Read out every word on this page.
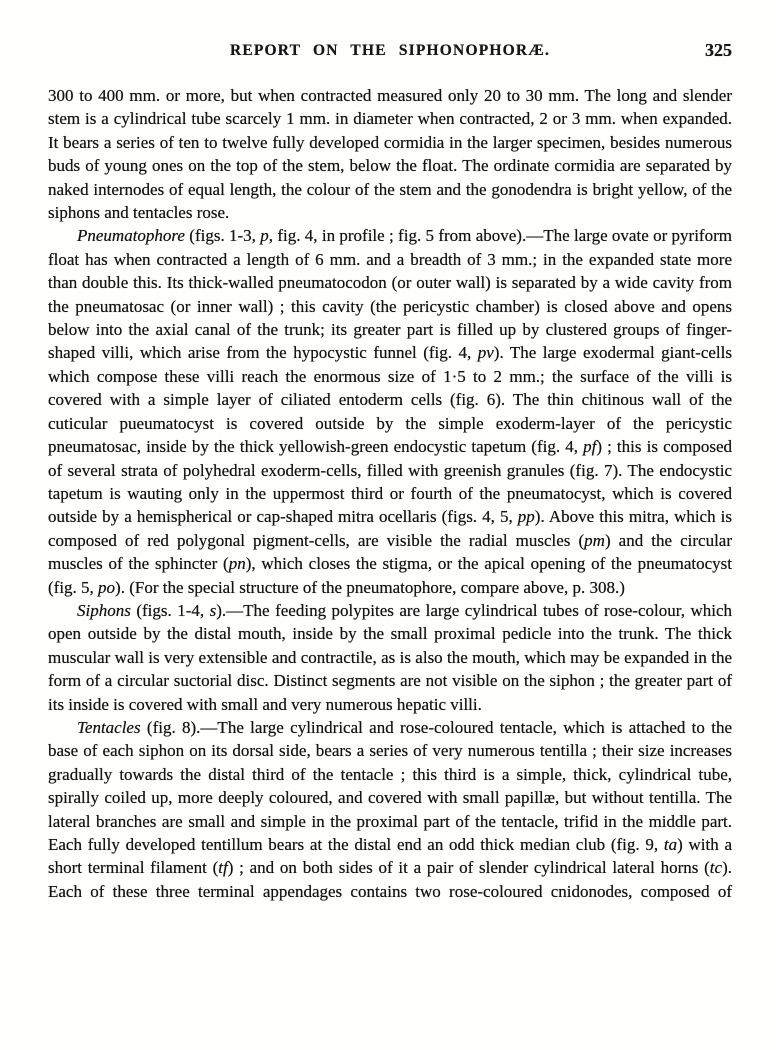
REPORT ON THE SIPHONOPHORÆ.	325

300 to 400 mm. or more, but when contracted measured only 20 to 30 mm. The long and slender stem is a cylindrical tube scarcely 1 mm. in diameter when contracted, 2 or 3 mm. when expanded. It bears a series of ten to twelve fully developed cormidia in the larger specimen, besides numerous buds of young ones on the top of the stem, below the float. The ordinate cormidia are separated by naked internodes of equal length, the colour of the stem and the gonodendra is bright yellow, of the siphons and tentacles rose.

Pneumatophore (figs. 1-3, p, fig. 4, in profile ; fig. 5 from above).—The large ovate or pyriform float has when contracted a length of 6 mm. and a breadth of 3 mm.; in the expanded state more than double this. Its thick-walled pneumatocodon (or outer wall) is separated by a wide cavity from the pneumatosac (or inner wall) ; this cavity (the pericystic chamber) is closed above and opens below into the axial canal of the trunk; its greater part is filled up by clustered groups of finger-shaped villi, which arise from the hypocystic funnel (fig. 4, pv). The large exodermal giant-cells which compose these villi reach the enormous size of 1·5 to 2 mm.; the surface of the villi is covered with a simple layer of ciliated entoderm cells (fig. 6). The thin chitinous wall of the cuticular pueumatocyst is covered outside by the simple exoderm-layer of the pericystic pneumatosac, inside by the thick yellowish-green endocystic tapetum (fig. 4, pf) ; this is composed of several strata of polyhedral exoderm-cells, filled with greenish granules (fig. 7). The endocystic tapetum is wauting only in the uppermost third or fourth of the pneumatocyst, which is covered outside by a hemispherical or cap-shaped mitra ocellaris (figs. 4, 5, pp). Above this mitra, which is composed of red polygonal pigment-cells, are visible the radial muscles (pm) and the circular muscles of the sphincter (pn), which closes the stigma, or the apical opening of the pneumatocyst (fig. 5, po). (For the special structure of the pneumatophore, compare above, p. 308.)

Siphons (figs. 1-4, s).—The feeding polypites are large cylindrical tubes of rose-colour, which open outside by the distal mouth, inside by the small proximal pedicle into the trunk. The thick muscular wall is very extensible and contractile, as is also the mouth, which may be expanded in the form of a circular suctorial disc. Distinct segments are not visible on the siphon ; the greater part of its inside is covered with small and very numerous hepatic villi.

Tentacles (fig. 8).—The large cylindrical and rose-coloured tentacle, which is attached to the base of each siphon on its dorsal side, bears a series of very numerous tentilla ; their size increases gradually towards the distal third of the tentacle ; this third is a simple, thick, cylindrical tube, spirally coiled up, more deeply coloured, and covered with small papillæ, but without tentilla. The lateral branches are small and simple in the proximal part of the tentacle, trifid in the middle part. Each fully developed tentillum bears at the distal end an odd thick median club (fig. 9, ta) with a short terminal filament (tf) ; and on both sides of it a pair of slender cylindrical lateral horns (tc). Each of these three terminal appendages contains two rose-coloured cnidonodes, composed of
